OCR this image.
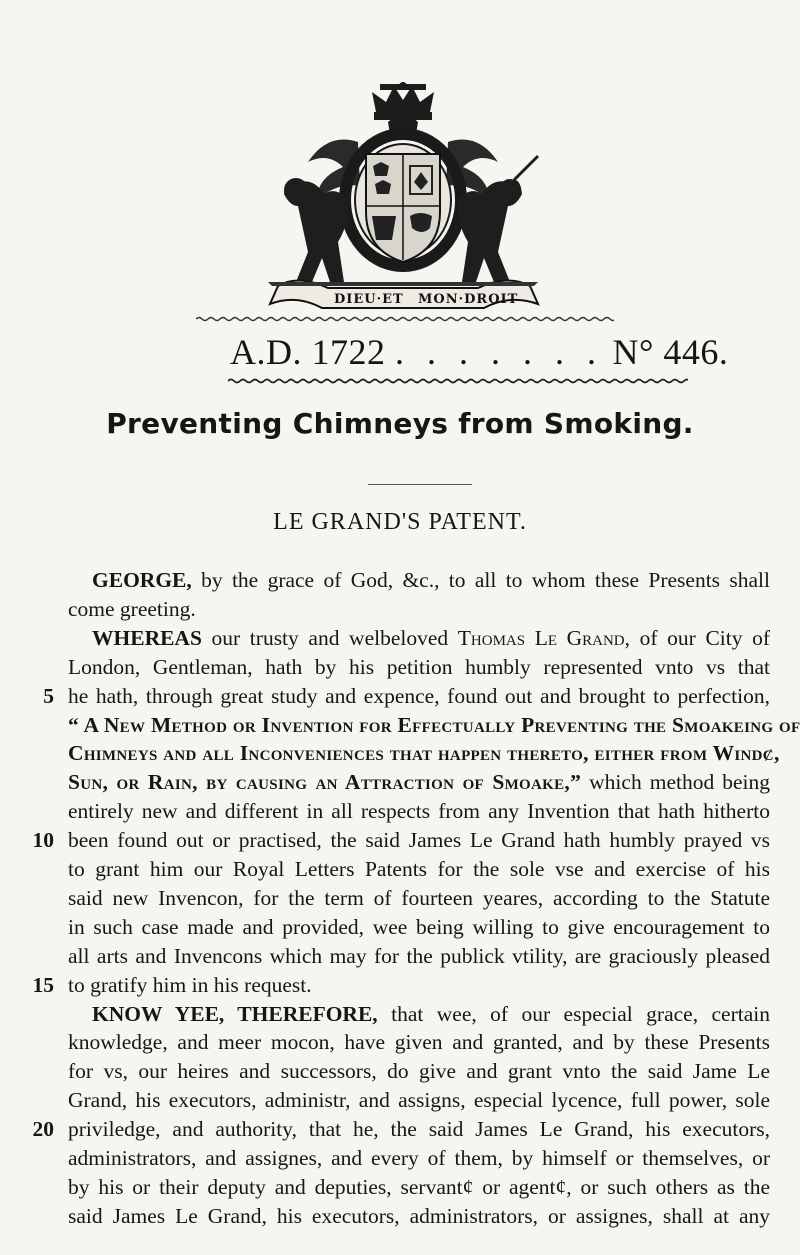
DIEU·ET MON·DROIT
A.D. 1722 . . . . . . . N° 446.
Preventing Chimneys from Smoking.
LE GRAND'S PATENT.
GEORGE, by the grace of God, &c., to all to whom these Presents shall
come greeting.
WHEREAS our trusty and welbeloved Thomas Le Grand, of our City of
London, Gentleman, hath by his petition humbly represented vnto vs that
5 he hath, through great study and expence, found out and brought to perfection,
“ A New Method or Invention for Effectually Preventing the Smoakeing of
Chimneys and all Inconveniences that happen thereto, either from Windȼ,
Sun, or Rain, by causing an Attraction of Smoake,” which method being
entirely new and different in all respects from any Invention that hath hitherto
10 been found out or practised, the said James Le Grand hath humbly prayed vs
to grant him our Royal Letters Patents for the sole vse and exercise of his
said new Invencon, for the term of fourteen yeares, according to the Statute
in such case made and provided, wee being willing to give encouragement to
all arts and Invencons which may for the publick vtility, are graciously pleased
15 to gratify him in his request.
KNOW YEE, THEREFORE, that wee, of our especial grace, certain
knowledge, and meer mocon, have given and granted, and by these Presents
for vs, our heires and successors, do give and grant vnto the said Jame Le
Grand, his executors, administr, and assigns, especial lycence, full power, sole
20 priviledge, and authority, that he, the said James Le Grand, his executors,
administrators, and assignes, and every of them, by himself or themselves, or
by his or their deputy and deputies, servantȼ or agentȼ, or such others as the
said James Le Grand, his executors, administrators, or assignes, shall at any
